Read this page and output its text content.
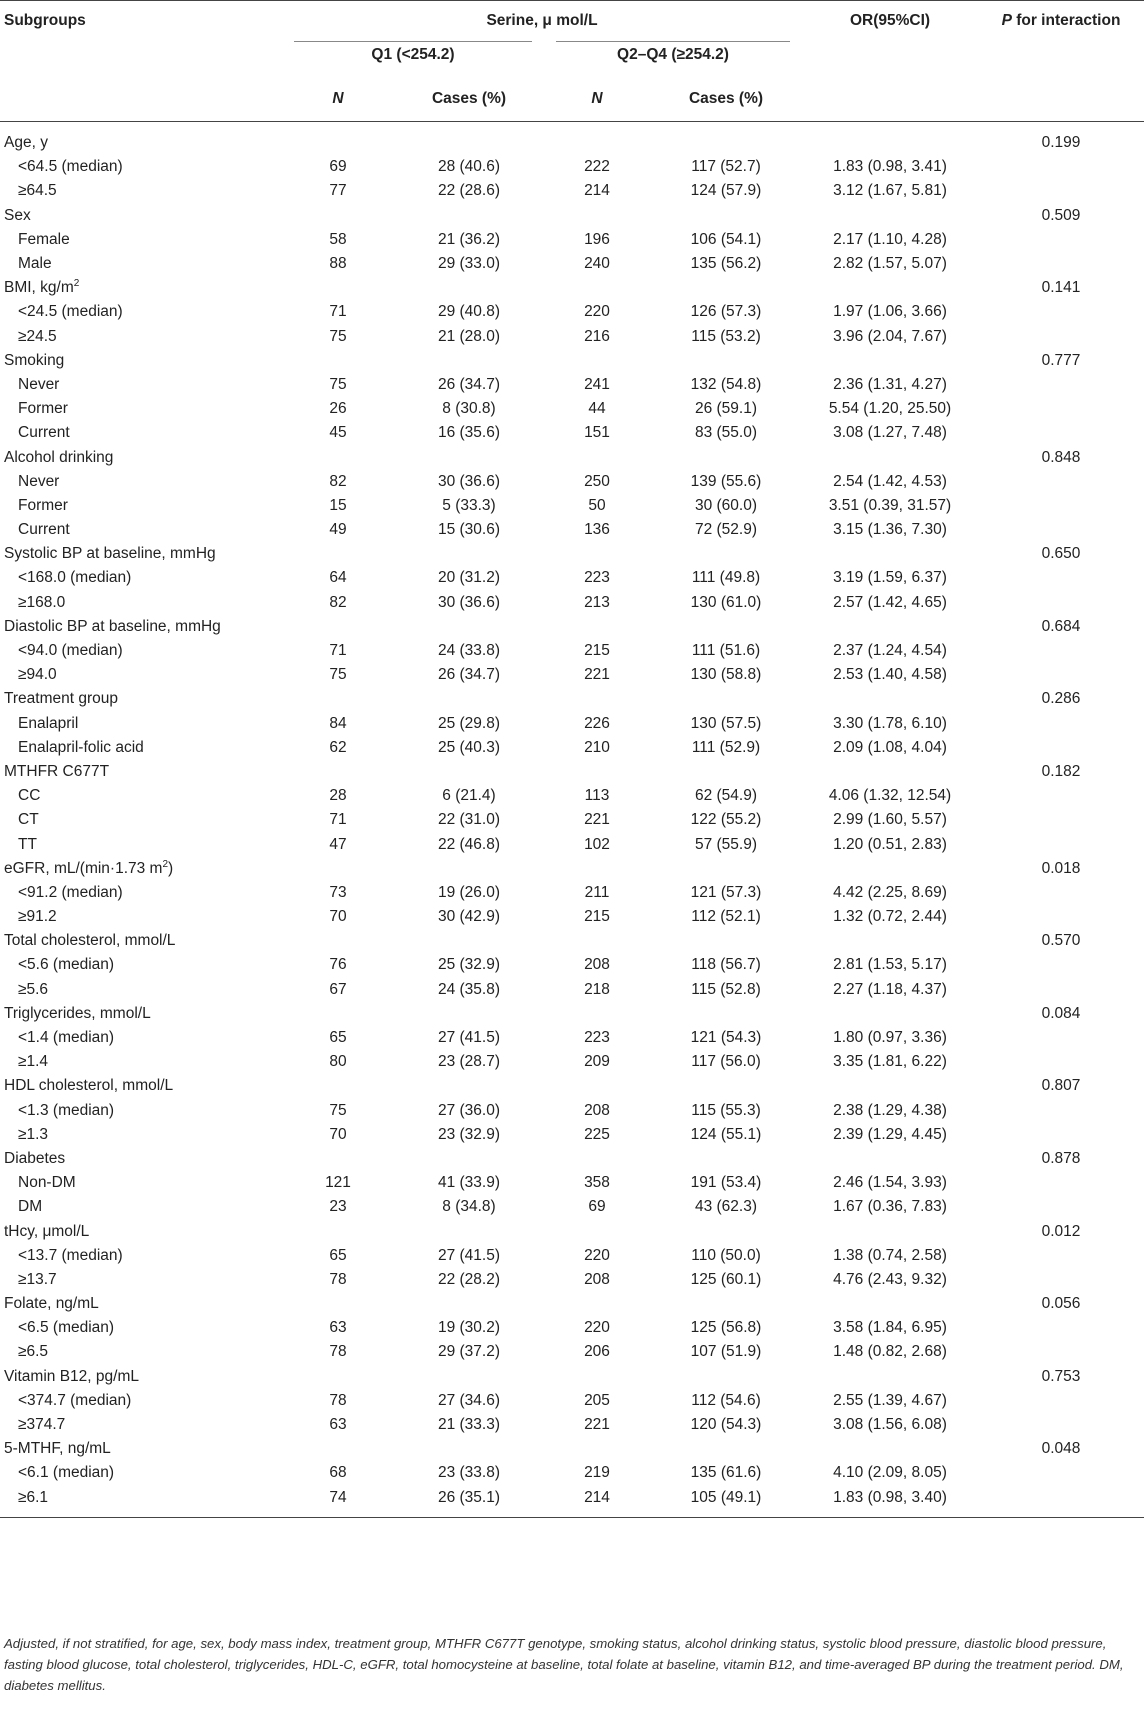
Subgroups	Serine, μ mol/L				OR(95%CI)	P for interaction
	Q1 (<254.2)		Q2–Q4 (≥254.2)			
	N	Cases (%)	N	Cases (%)		

Age, y						0.199
<64.5 (median)	69	28 (40.6)	222	117 (52.7)	1.83 (0.98, 3.41)	
≥64.5	77	22 (28.6)	214	124 (57.9)	3.12 (1.67, 5.81)	
Sex						0.509
Female	58	21 (36.2)	196	106 (54.1)	2.17 (1.10, 4.28)	
Male	88	29 (33.0)	240	135 (56.2)	2.82 (1.57, 5.07)	
BMI, $kg/m^2$						0.141
<24.5 (median)	71	29 (40.8)	220	126 (57.3)	1.97 (1.06, 3.66)	
≥24.5	75	21 (28.0)	216	115 (53.2)	3.96 (2.04, 7.67)	
Smoking						0.777
Never	75	26 (34.7)	241	132 (54.8)	2.36 (1.31, 4.27)	
Former	26	8 (30.8)	44	26 (59.1)	5.54 (1.20, 25.50)	
Current	45	16 (35.6)	151	83 (55.0)	3.08 (1.27, 7.48)	
Alcohol drinking						0.848
Never	82	30 (36.6)	250	139 (55.6)	2.54 (1.42, 4.53)	
Former	15	5 (33.3)	50	30 (60.0)	3.51 (0.39, 31.57)	
Current	49	15 (30.6)	136	72 (52.9)	3.15 (1.36, 7.30)	
Systolic BP at baseline, mmHg						0.650
<168.0 (median)	64	20 (31.2)	223	111 (49.8)	3.19 (1.59, 6.37)	
≥168.0	82	30 (36.6)	213	130 (61.0)	2.57 (1.42, 4.65)	
Diastolic BP at baseline, mmHg						0.684
<94.0 (median)	71	24 (33.8)	215	111 (51.6)	2.37 (1.24, 4.54)	
≥94.0	75	26 (34.7)	221	130 (58.8)	2.53 (1.40, 4.58)	
Treatment group						0.286
Enalapril	84	25 (29.8)	226	130 (57.5)	3.30 (1.78, 6.10)	
Enalapril-folic acid	62	25 (40.3)	210	111 (52.9)	2.09 (1.08, 4.04)	
MTHFR C677T						0.182
CC	28	6 (21.4)	113	62 (54.9)	4.06 (1.32, 12.54)	
CT	71	22 (31.0)	221	122 (55.2)	2.99 (1.60, 5.57)	
TT	47	22 (46.8)	102	57 (55.9)	1.20 (0.51, 2.83)	
eGFR, mL/(min·1.73 $m^2$)						0.018
<91.2 (median)	73	19 (26.0)	211	121 (57.3)	4.42 (2.25, 8.69)	
≥91.2	70	30 (42.9)	215	112 (52.1)	1.32 (0.72, 2.44)	
Total cholesterol, mmol/L						0.570
<5.6 (median)	76	25 (32.9)	208	118 (56.7)	2.81 (1.53, 5.17)	
≥5.6	67	24 (35.8)	218	115 (52.8)	2.27 (1.18, 4.37)	
Triglycerides, mmol/L						0.084
<1.4 (median)	65	27 (41.5)	223	121 (54.3)	1.80 (0.97, 3.36)	
≥1.4	80	23 (28.7)	209	117 (56.0)	3.35 (1.81, 6.22)	
HDL cholesterol, mmol/L						0.807
<1.3 (median)	75	27 (36.0)	208	115 (55.3)	2.38 (1.29, 4.38)	
≥1.3	70	23 (32.9)	225	124 (55.1)	2.39 (1.29, 4.45)	
Diabetes						0.878
Non-DM	121	41 (33.9)	358	191 (53.4)	2.46 (1.54, 3.93)	
DM	23	8 (34.8)	69	43 (62.3)	1.67 (0.36, 7.83)	
tHcy, μmol/L						0.012
<13.7 (median)	65	27 (41.5)	220	110 (50.0)	1.38 (0.74, 2.58)	
≥13.7	78	22 (28.2)	208	125 (60.1)	4.76 (2.43, 9.32)	
Folate, ng/mL						0.056
<6.5 (median)	63	19 (30.2)	220	125 (56.8)	3.58 (1.84, 6.95)	
≥6.5	78	29 (37.2)	206	107 (51.9)	1.48 (0.82, 2.68)	
Vitamin B12, pg/mL						0.753
<374.7 (median)	78	27 (34.6)	205	112 (54.6)	2.55 (1.39, 4.67)	
≥374.7	63	21 (33.3)	221	120 (54.3)	3.08 (1.56, 6.08)	
5-MTHF, ng/mL						0.048
<6.1 (median)	68	23 (33.8)	219	135 (61.6)	4.10 (2.09, 8.05)	
≥6.1	74	26 (35.1)	214	105 (49.1)	1.83 (0.98, 3.40)	
Adjusted, if not stratified, for age, sex, body mass index, treatment group, MTHFR C677T genotype, smoking status, alcohol drinking status, systolic blood pressure, diastolic blood pressure, fasting blood glucose, total cholesterol, triglycerides, HDL-C, eGFR, total homocysteine at baseline, total folate at baseline, vitamin B12, and time-averaged BP during the treatment period. DM, diabetes mellitus.
